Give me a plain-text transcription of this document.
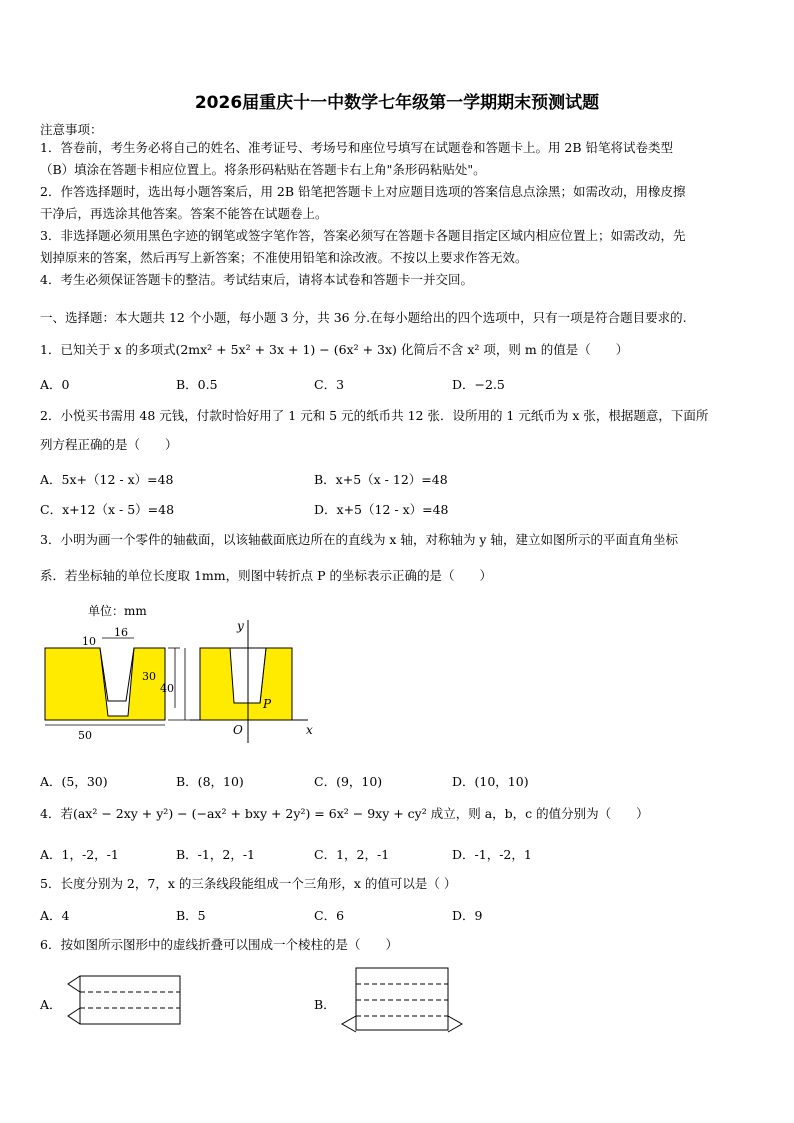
2026届重庆十一中数学七年级第一学期期末预测试题
注意事项：
1．答卷前，考生务必将自己的姓名、准考证号、考场号和座位号填写在试题卷和答题卡上。用 2B 铅笔将试卷类型
（B）填涂在答题卡相应位置上。将条形码粘贴在答题卡右上角"条形码粘贴处"。
2．作答选择题时，选出每小题答案后，用 2B 铅笔把答题卡上对应题目选项的答案信息点涂黑；如需改动，用橡皮擦
干净后，再选涂其他答案。答案不能答在试题卷上。
3．非选择题必须用黑色字迹的钢笔或签字笔作答，答案必须写在答题卡各题目指定区域内相应位置上；如需改动，先
划掉原来的答案，然后再写上新答案；不准使用铅笔和涂改液。不按以上要求作答无效。
4．考生必须保证答题卡的整洁。考试结束后，请将本试卷和答题卡一并交回。
一、选择题：本大题共 12 个小题，每小题 3 分，共 36 分.在每小题给出的四个选项中，只有一项是符合题目要求的.
1．已知关于 x 的多项式(2mx² + 5x² + 3x + 1) − (6x² + 3x) 化简后不含 x² 项，则 m 的值是（　　）
A．0	B．0.5	C．3	D．−2.5
2．小悦买书需用 48 元钱，付款时恰好用了 1 元和 5 元的纸币共 12 张．设所用的 1 元纸币为 x 张，根据题意，下面所
列方程正确的是（　　）
A．5x+（12 - x）=48	B．x+5（x - 12）=48
C．x+12（x - 5）=48	D．x+5（12 - x）=48
3．小明为画一个零件的轴截面，以该轴截面底边所在的直线为 x 轴，对称轴为 y 轴，建立如图所示的平面直角坐标
系．若坐标轴的单位长度取 1mm，则图中转折点 P 的坐标表示正确的是（　　）
单位：mm
10
16
30
40
50
y
x
O
P
A．(5，30)	B．(8，10)	C．(9，10)	D．(10，10)
4．若(ax² − 2xy + y²) − (−ax² + bxy + 2y²) = 6x² − 9xy + cy² 成立，则 a，b，c 的值分别为（　　）
A．1，-2，-1	B．-1，2，-1	C．1，2，-1	D．-1，-2，1
5．长度分别为 2，7，x 的三条线段能组成一个三角形，x 的值可以是（ ）
A．4	B．5	C．6	D．9
6．按如图所示图形中的虚线折叠可以围成一个棱柱的是（　　）
A．	B．
